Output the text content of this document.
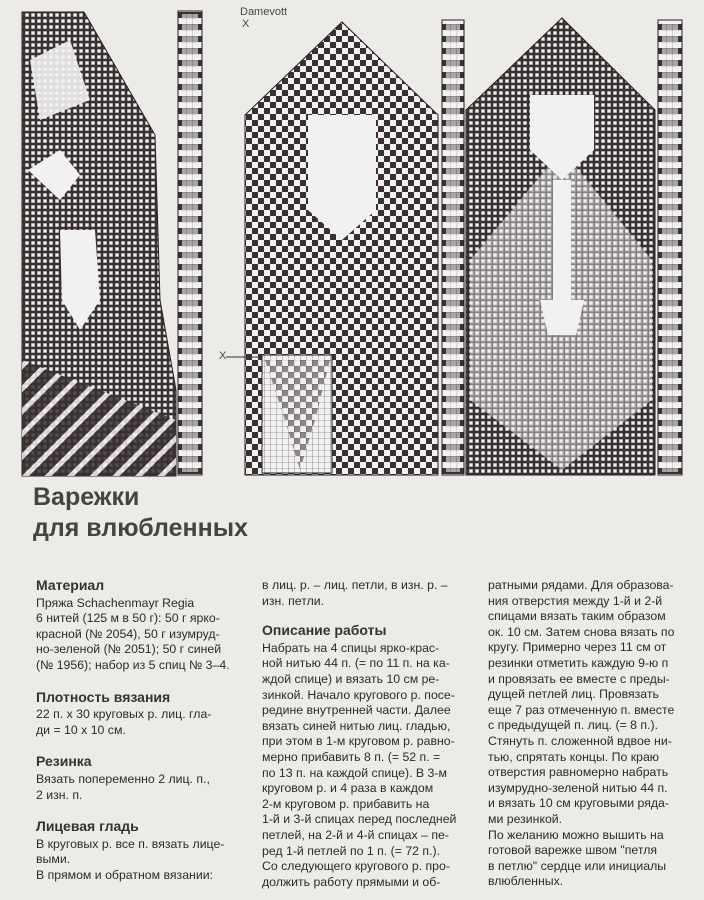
Damevott
X
X
Варежки
для влюбленных
Материал
Пряжа Schachenmayr Regia
6 нитей (125 м в 50 г): 50 г ярко-
красной (№ 2054), 50 г изумруд-
но-зеленой (№ 2051); 50 г синей
(№ 1956); набор из 5 спиц № 3–4.
Плотность вязания
22 п. х 30 круговых р. лиц. гла-
ди = 10 х 10 см.
Резинка
Вязать попеременно 2 лиц. п.,
2 изн. п.
Лицевая гладь
В круговых р. все п. вязать лице-
выми.
В прямом и обратном вязании:
в лиц. р. – лиц. петли, в изн. р. –
изн. петли.
Описание работы
Набрать на 4 спицы ярко-крас-
ной нитью 44 п. (= по 11 п. на ка-
ждой спице) и вязать 10 см ре-
зинкой. Начало кругового р. посе-
редине внутренней части. Далее
вязать синей нитью лиц. гладью,
при этом в 1-м круговом р. равно-
мерно прибавить 8 п. (= 52 п. =
по 13 п. на каждой спице). В 3-м
круговом р. и 4 раза в каждом
2-м круговом р. прибавить на
1-й и 3-й спицах перед последней
петлей, на 2-й и 4-й спицах – пе-
ред 1-й петлей по 1 п. (= 72 п.).
Со следующего кругового р. про-
должить работу прямыми и об-
ратными рядами. Для образова-
ния отверстия между 1-й и 2-й
спицами вязать таким образом
ок. 10 см. Затем снова вязать по
кругу. Примерно через 11 см от
резинки отметить каждую 9-ю п
и провязать ее вместе с преды-
дущей петлей лиц. Провязать
еще 7 раз отмеченную п. вместе
с предыдущей п. лиц. (= 8 п.).
Стянуть п. сложенной вдвое ни-
тью, спрятать концы. По краю
отверстия равномерно набрать
изумрудно-зеленой нитью 44 п.
и вязать 10 см круговыми ряда-
ми резинкой.
По желанию можно вышить на
готовой варежке швом "петля
в петлю" сердце или инициалы
влюбленных.
